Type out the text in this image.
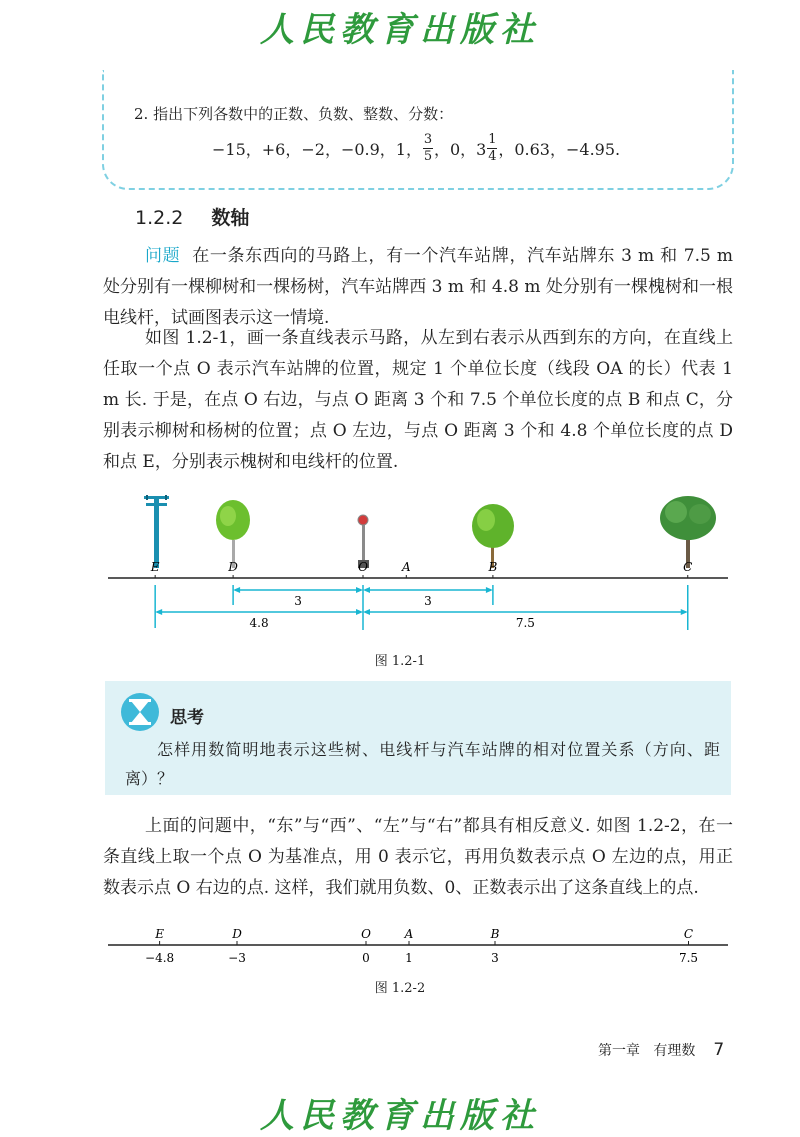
人民教育出版社
2. 指出下列各数中的正数、负数、整数、分数：
−15，+6，−2，−0.9，1， $\frac{3}{5}$ ，0，$3 \frac{1}{4}$ ，0.63，−4.95.
1.2.2 数轴
问题 在一条东西向的马路上，有一个汽车站牌，汽车站牌东 3 m 和 7.5 m 处分别有一棵柳树和一棵杨树，汽车站牌西 3 m 和 4.8 m 处分别有一棵槐树和一根电线杆，试画图表示这一情境.
如图 1.2-1，画一条直线表示马路，从左到右表示从西到东的方向，在直线上任取一个点 O 表示汽车站牌的位置，规定 1 个单位长度（线段 OA 的长）代表 1 m 长. 于是，在点 O 右边，与点 O 距离 3 个和 7.5 个单位长度的点 B 和点 C，分别表示柳树和杨树的位置；点 O 左边，与点 O 距离 3 个和 4.8 个单位长度的点 D 和点 E，分别表示槐树和电线杆的位置.
E	D	O	A	B	C
3	3
4.8	7.5
图 1.2-1
思考
怎样用数简明地表示这些树、电线杆与汽车站牌的相对位置关系（方向、距离）？
上面的问题中，“东”与“西”、“左”与“右”都具有相反意义. 如图 1.2-2，在一条直线上取一个点 O 为基准点，用 0 表示它，再用负数表示点 O 左边的点，用正数表示点 O 右边的点. 这样，我们就用负数、0、正数表示出了这条直线上的点.
E
−4.8
D
−3
O
0
A
1
B
3
C
7.5
图 1.2-2
第一章 有理数 7
人民教育出版社
